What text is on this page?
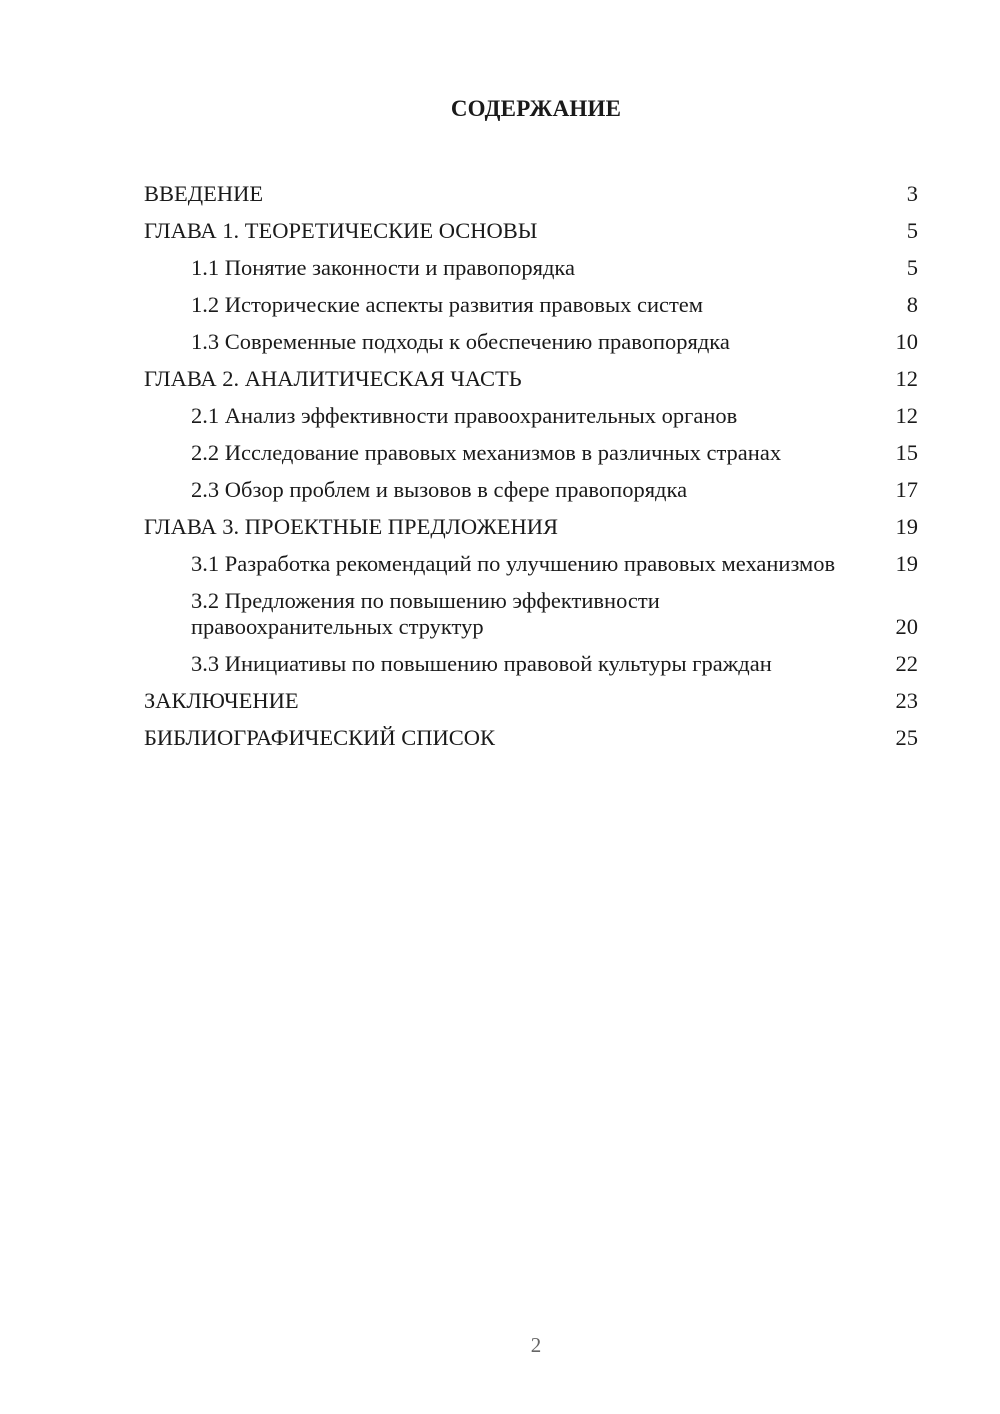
СОДЕРЖАНИЕ
ВВЕДЕНИЕ	3
ГЛАВА 1. ТЕОРЕТИЧЕСКИЕ ОСНОВЫ	5
1.1 Понятие законности и правопорядка	5
1.2 Исторические аспекты развития правовых систем	8
1.3 Современные подходы к обеспечению правопорядка	10
ГЛАВА 2. АНАЛИТИЧЕСКАЯ ЧАСТЬ	12
2.1 Анализ эффективности правоохранительных органов	12
2.2 Исследование правовых механизмов в различных странах	15
2.3 Обзор проблем и вызовов в сфере правопорядка	17
ГЛАВА 3. ПРОЕКТНЫЕ ПРЕДЛОЖЕНИЯ	19
3.1 Разработка рекомендаций по улучшению правовых механизмов	19
3.2 Предложения по повышению эффективности правоохранительных структур	20
3.3 Инициативы по повышению правовой культуры граждан	22
ЗАКЛЮЧЕНИЕ	23
БИБЛИОГРАФИЧЕСКИЙ СПИСОК	25
2
